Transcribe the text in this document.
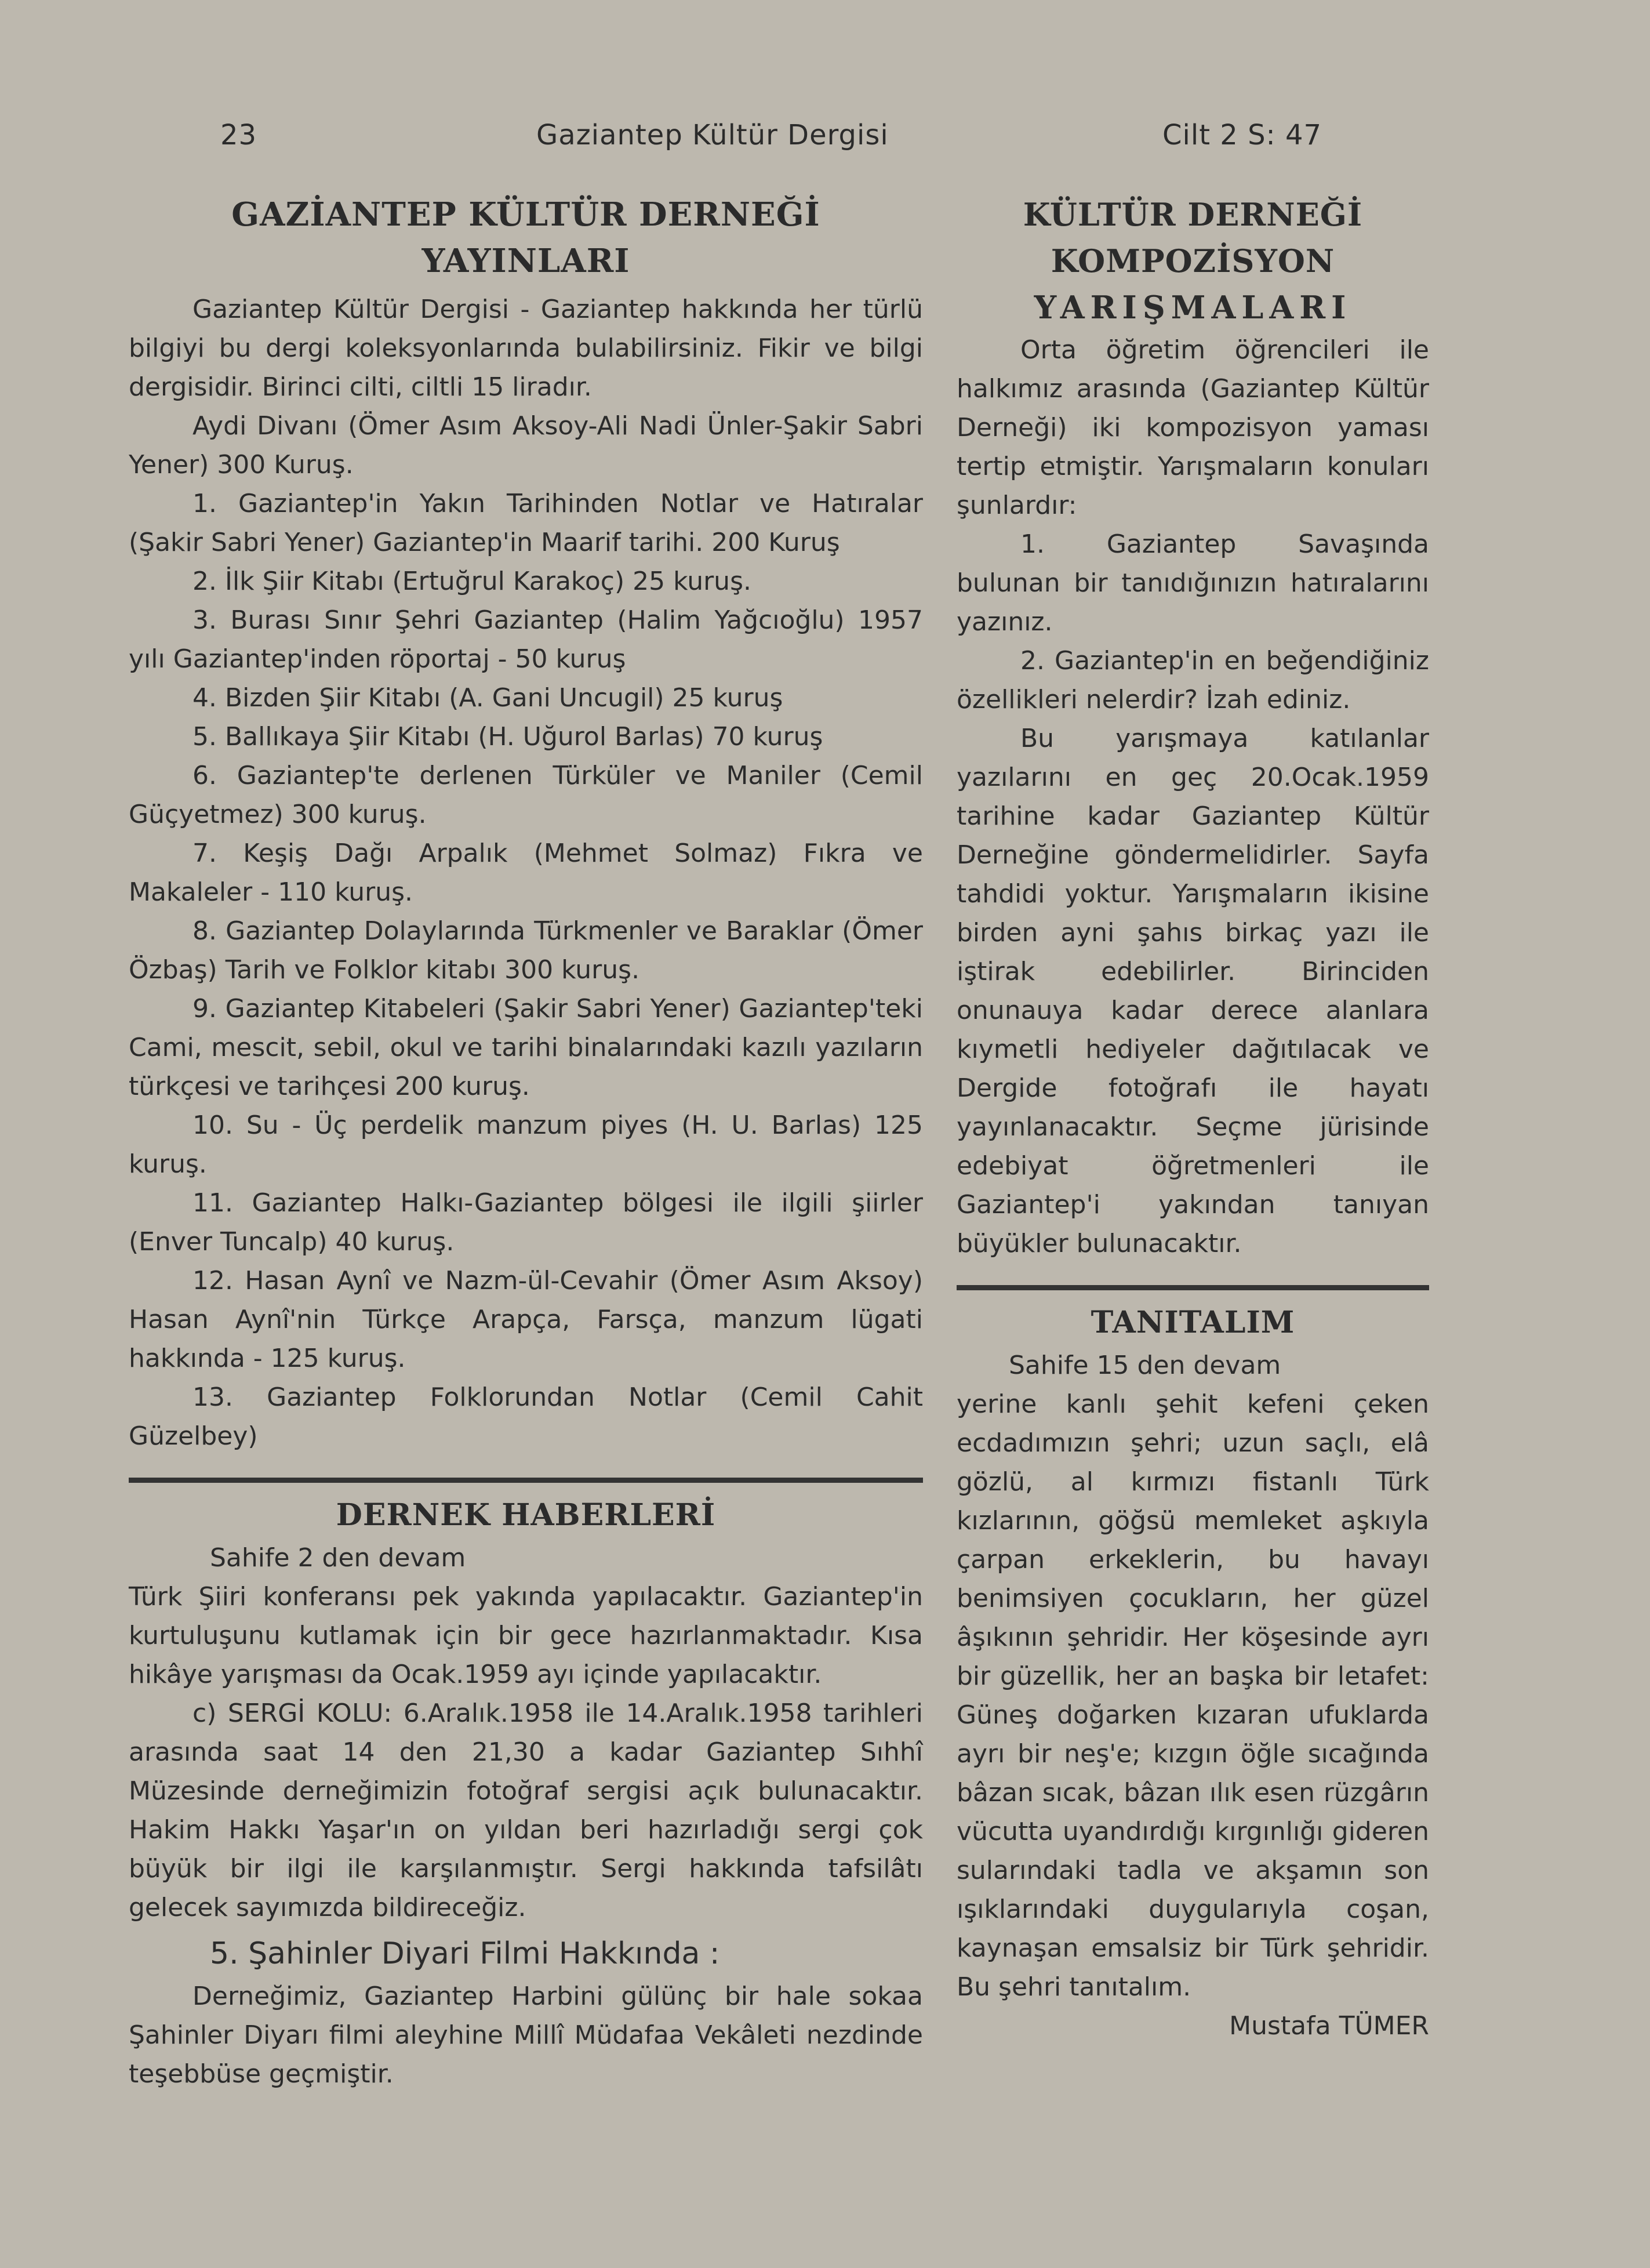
23	Gaziantep Kültür Dergisi	Cilt 2 S: 47
GAZİANTEP KÜLTÜR DERNEĞİ YAYINLARI

Gaziantep Kültür Dergisi - Gaziantep hakkında her türlü bilgiyi bu dergi koleksyonlarında bulabilirsiniz. Fikir ve bilgi dergisidir. Birinci cilti, ciltli 15 liradır.

Aydi Divanı (Ömer Asım Aksoy-Ali Nadi Ünler-Şakir Sabri Yener) 300 Kuruş.

1. Gaziantep'in Yakın Tarihinden Notlar ve Hatıralar (Şakir Sabri Yener) Gaziantep'in Maarif tarihi. 200 Kuruş

2. İlk Şiir Kitabı (Ertuğrul Karakoç) 25 kuruş.

3. Burası Sınır Şehri Gaziantep (Halim Yağcıoğlu) 1957 yılı Gaziantep'inden röportaj - 50 kuruş

4. Bizden Şiir Kitabı (A. Gani Uncugil) 25 kuruş

5. Ballıkaya Şiir Kitabı (H. Uğurol Barlas) 70 kuruş

6. Gaziantep'te derlenen Türküler ve Maniler (Cemil Güçyetmez) 300 kuruş.

7. Keşiş Dağı Arpalık (Mehmet Solmaz) Fıkra ve Makaleler - 110 kuruş.

8. Gaziantep Dolaylarında Türkmenler ve Baraklar (Ömer Özbaş) Tarih ve Folklor kitabı 300 kuruş.

9. Gaziantep Kitabeleri (Şakir Sabri Yener) Gaziantep'teki Cami, mescit, sebil, okul ve tarihi binalarındaki kazılı yazıların türkçesi ve tarihçesi 200 kuruş.

10. Su - Üç perdelik manzum piyes (H. U. Barlas) 125 kuruş.

11. Gaziantep Halkı-Gaziantep bölgesi ile ilgili şiirler (Enver Tuncalp) 40 kuruş.

12. Hasan Aynî ve Nazm-ül-Cevahir (Ömer Asım Aksoy) Hasan Aynî'nin Türkçe Arapça, Farsça, manzum lügati hakkında - 125 kuruş.

13. Gaziantep Folklorundan Notlar (Cemil Cahit Güzelbey)

DERNEK HABERLERİ
Sahife 2 den devam

Türk Şiiri konferansı pek yakında yapılacaktır. Gaziantep'in kurtuluşunu kutlamak için bir gece hazırlanmaktadır. Kısa hikâye yarışması da Ocak.1959 ayı içinde yapılacaktır.

c) SERGİ KOLU: 6.Aralık.1958 ile 14.Aralık.1958 tarihleri arasında saat 14 den 21,30 a kadar Gaziantep Sıhhî Müzesinde derneğimizin fotoğraf sergisi açık bulunacaktır. Hakim Hakkı Yaşar'ın on yıldan beri hazırladığı sergi çok büyük bir ilgi ile karşılanmıştır. Sergi hakkında tafsilâtı gelecek sayımızda bildireceğiz.

5. Şahinler Diyari Filmi Hakkında :

Derneğimiz, Gaziantep Harbini gülünç bir hale sokaa Şahinler Diyarı filmi aleyhine Millî Müdafaa Vekâleti nezdinde teşebbüse geçmiştir.

KÜLTÜR DERNEĞİ
KOMPOZİSYON
YARIŞMALARI

Orta öğretim öğrencileri ile halkımız arasında (Gaziantep Kültür Derneği) iki kompozisyon yaması tertip etmiştir. Yarışmaların konuları şunlardır:

1. Gaziantep Savaşında bulunan bir tanıdığınızın hatıralarını yazınız.

2. Gaziantep'in en beğendiğiniz özellikleri nelerdir? İzah ediniz.

Bu yarışmaya katılanlar yazılarını en geç 20.Ocak.1959 tarihine kadar Gaziantep Kültür Derneğine göndermelidirler. Sayfa tahdidi yoktur. Yarışmaların ikisine birden ayni şahıs birkaç yazı ile iştirak edebilirler. Birinciden onunauya kadar derece alanlara kıymetli hediyeler dağıtılacak ve Dergide fotoğrafı ile hayatı yayınlanacaktır. Seçme jürisinde edebiyat öğretmenleri ile Gaziantep'i yakından tanıyan büyükler bulunacaktır.

TANITALIM
Sahife 15 den devam

yerine kanlı şehit kefeni çeken ecdadımızın şehri; uzun saçlı, elâ gözlü, al kırmızı fistanlı Türk kızlarının, göğsü memleket aşkıyla çarpan erkeklerin, bu havayı benimsiyen çocukların, her güzel âşıkının şehridir. Her köşesinde ayrı bir güzellik, her an başka bir letafet: Güneş doğarken kızaran ufuklarda ayrı bir neş'e; kızgın öğle sıcağında bâzan sıcak, bâzan ılık esen rüzgârın vücutta uyandırdığı kırgınlığı gideren sularındaki tadla ve akşamın son ışıklarındaki duygularıyla coşan, kaynaşan emsalsiz bir Türk şehridir. Bu şehri tanıtalım.

Mustafa TÜMER
